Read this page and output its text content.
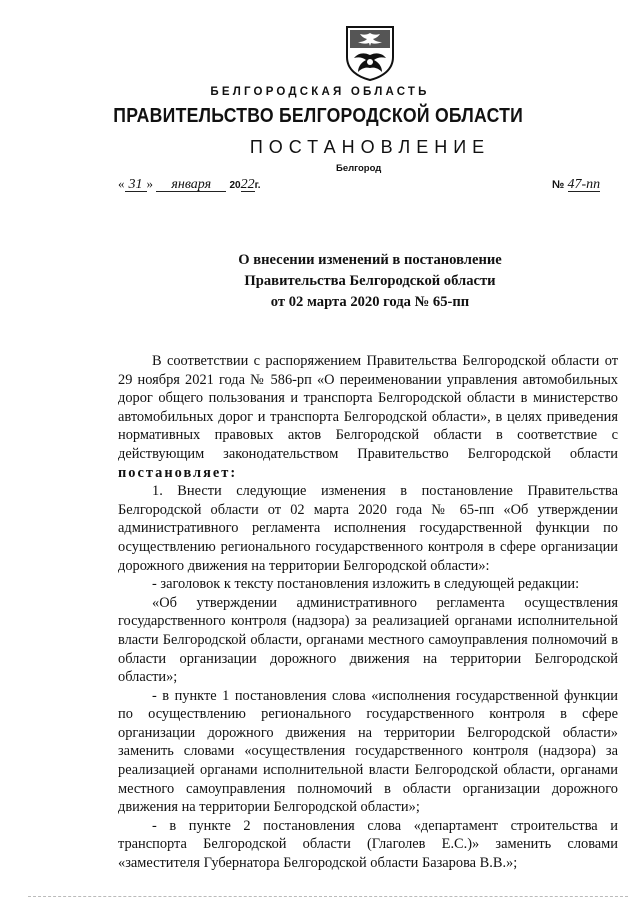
БЕЛГОРОДСКАЯ ОБЛАСТЬ
ПРАВИТЕЛЬСТВО БЕЛГОРОДСКОЙ ОБЛАСТИ
ПОСТАНОВЛЕНИЕ
Белгород
« 31 » января 2022г.	№ 47-пп
О внесении изменений в постановление
Правительства Белгородской области
от 02 марта 2020 года № 65-пп

В соответствии с распоряжением Правительства Белгородской области от 29 ноября 2021 года № 586-рп «О переименовании управления автомобильных дорог общего пользования и транспорта Белгородской области в министерство автомобильных дорог и транспорта Белгородской области», в целях приведения нормативных правовых актов Белгородской области в соответствие с действующим законодательством Правительство Белгородской области постановляет:

1. Внести следующие изменения в постановление Правительства Белгородской области от 02 марта 2020 года № 65-пп «Об утверждении административного регламента исполнения государственной функции по осуществлению регионального государственного контроля в сфере организации дорожного движения на территории Белгородской области»:

- заголовок к тексту постановления изложить в следующей редакции:

«Об утверждении административного регламента осуществления государственного контроля (надзора) за реализацией органами исполнительной власти Белгородской области, органами местного самоуправления полномочий в области организации дорожного движения на территории Белгородской области»;

- в пункте 1 постановления слова «исполнения государственной функции по осуществлению регионального государственного контроля в сфере организации дорожного движения на территории Белгородской области» заменить словами «осуществления государственного контроля (надзора) за реализацией органами исполнительной власти Белгородской области, органами местного самоуправления полномочий в области организации дорожного движения на территории Белгородской области»;

- в пункте 2 постановления слова «департамент строительства и транспорта Белгородской области (Глаголев Е.С.)» заменить словами «заместителя Губернатора Белгородской области Базарова В.В.»;
